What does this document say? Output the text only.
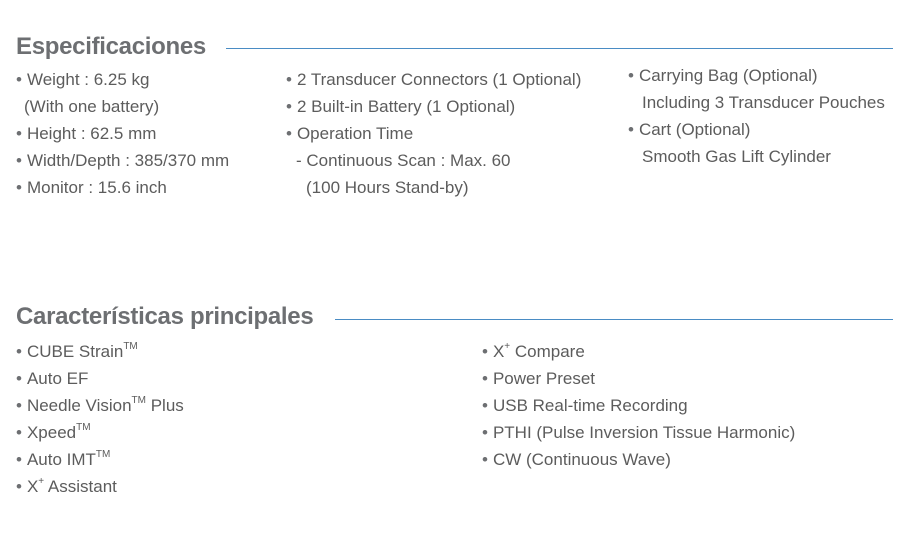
Especificaciones
• Weight : 6.25 kg
(With one battery)
• Height : 62.5 mm
• Width/Depth : 385/370 mm
• Monitor : 15.6 inch
• 2 Transducer Connectors (1 Optional)
• 2 Built-in Battery (1 Optional)
• Operation Time
- Continuous Scan : Max. 60
(100 Hours Stand-by)
• Carrying Bag (Optional)
Including 3 Transducer Pouches
• Cart (Optional)
Smooth Gas Lift Cylinder
Características principales
• CUBE Strain™
• Auto EF
• Needle Vision™ Plus
• Xpeed™
• Auto IMT™
• X+ Assistant
• X+ Compare
• Power Preset
• USB Real-time Recording
• PTHI (Pulse Inversion Tissue Harmonic)
• CW (Continuous Wave)
